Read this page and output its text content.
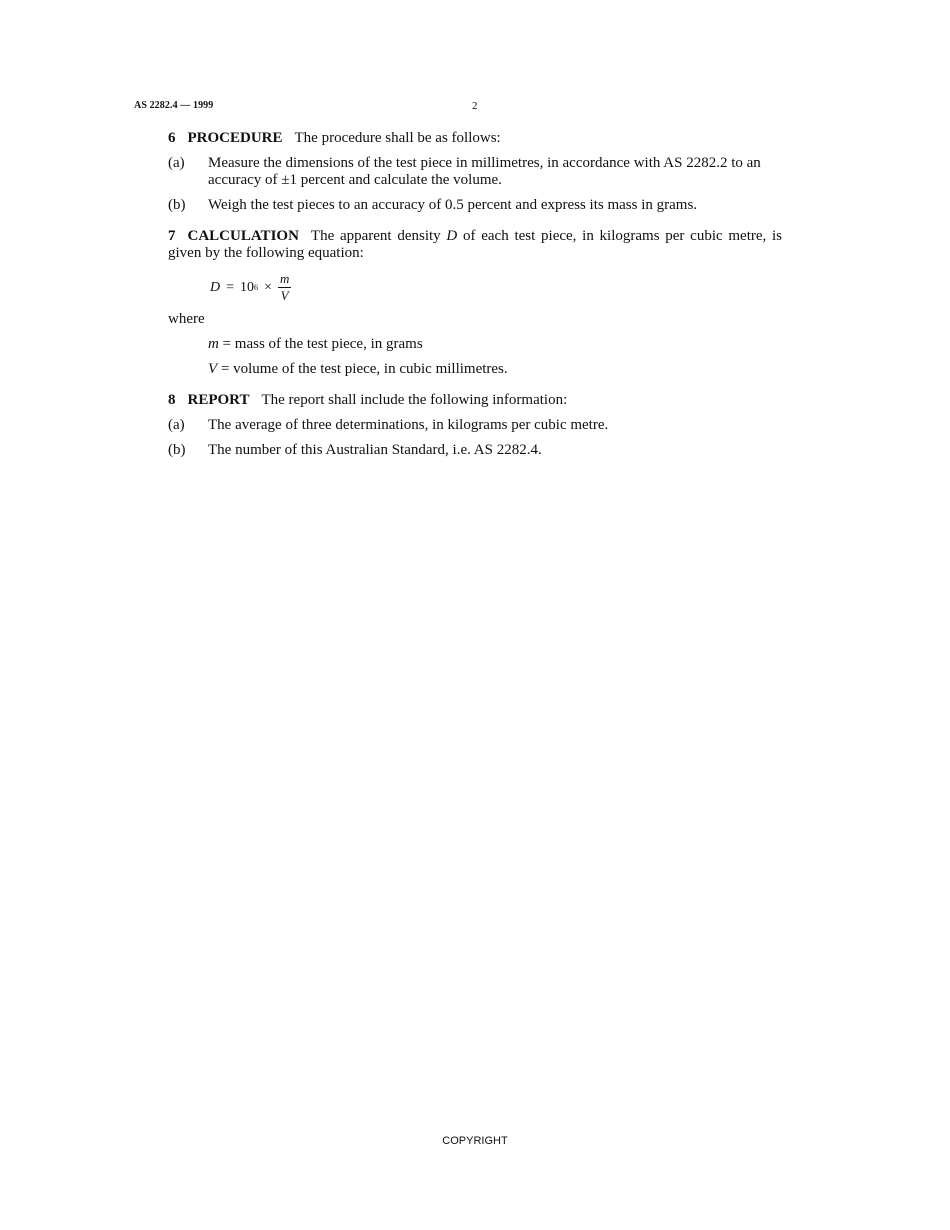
AS 2282.4 — 1999	2
6 PROCEDURE The procedure shall be as follows:
(a)	Measure the dimensions of the test piece in millimetres, in accordance with AS 2282.2 to an accuracy of ±1 percent and calculate the volume.
(b)	Weigh the test pieces to an accuracy of 0.5 percent and express its mass in grams.
7 CALCULATION The apparent density D of each test piece, in kilograms per cubic metre, is given by the following equation:
D = 10 $6 \times \frac{m}{V}$
where
m = mass of the test piece, in grams
V = volume of the test piece, in cubic millimetres.
8 REPORT The report shall include the following information:
(a)	The average of three determinations, in kilograms per cubic metre.
(b)	The number of this Australian Standard, i.e. AS 2282.4.
COPYRIGHT
